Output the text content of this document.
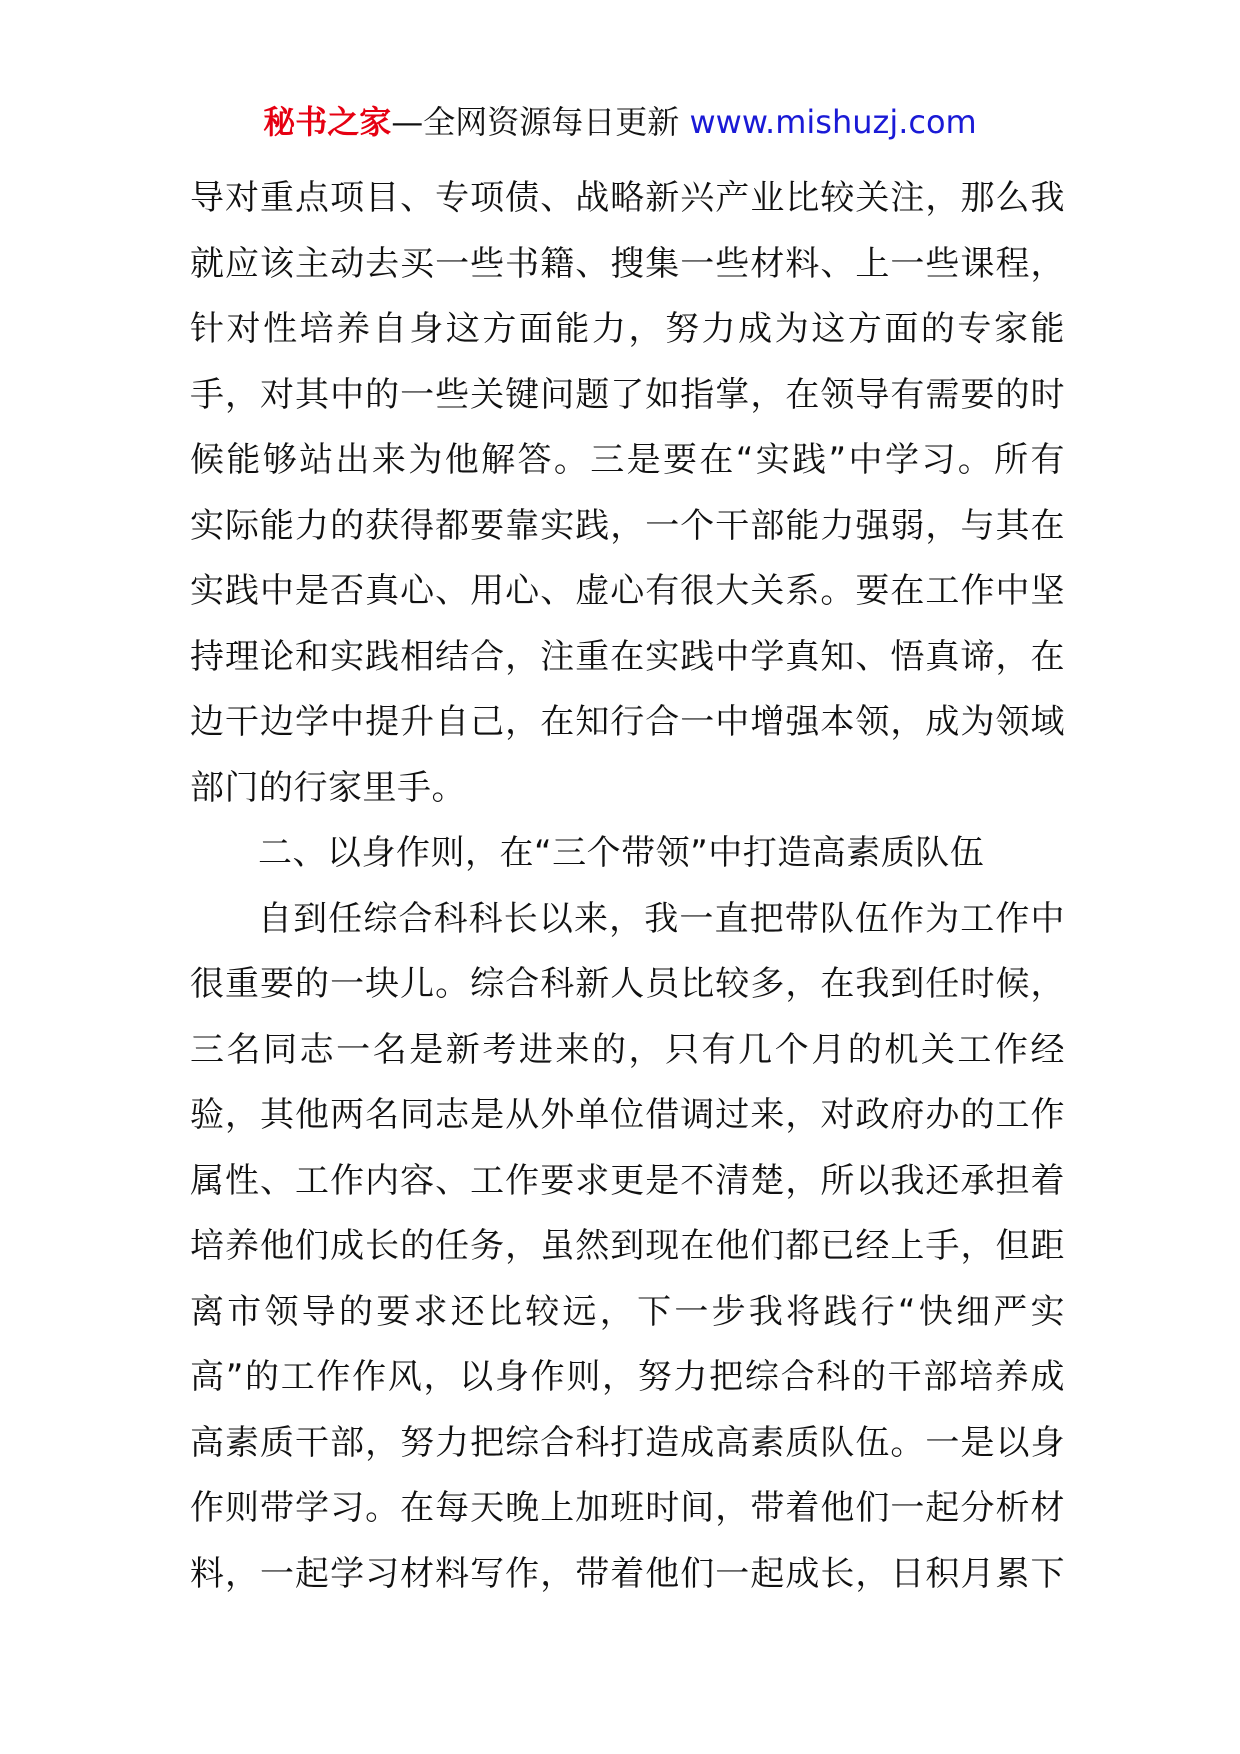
秘书之家—全网资源每日更新 www.mishuzj.com
导对重点项目、专项债、战略新兴产业比较关注，那么我
就应该主动去买一些书籍、搜集一些材料、上一些课程，
针对性培养自身这方面能力，努力成为这方面的专家能
手，对其中的一些关键问题了如指掌，在领导有需要的时
候能够站出来为他解答。三是要在“实践”中学习。所有
实际能力的获得都要靠实践，一个干部能力强弱，与其在
实践中是否真心、用心、虚心有很大关系。要在工作中坚
持理论和实践相结合，注重在实践中学真知、悟真谛，在
边干边学中提升自己，在知行合一中增强本领，成为领域
部门的行家里手。
二、以身作则，在“三个带领”中打造高素质队伍
自到任综合科科长以来，我一直把带队伍作为工作中
很重要的一块儿。综合科新人员比较多，在我到任时候，
三名同志一名是新考进来的，只有几个月的机关工作经
验，其他两名同志是从外单位借调过来，对政府办的工作
属性、工作内容、工作要求更是不清楚，所以我还承担着
培养他们成长的任务，虽然到现在他们都已经上手，但距
离市领导的要求还比较远，下一步我将践行“快细严实
高”的工作作风，以身作则，努力把综合科的干部培养成
高素质干部，努力把综合科打造成高素质队伍。一是以身
作则带学习。在每天晚上加班时间，带着他们一起分析材
料，一起学习材料写作，带着他们一起成长，日积月累下
